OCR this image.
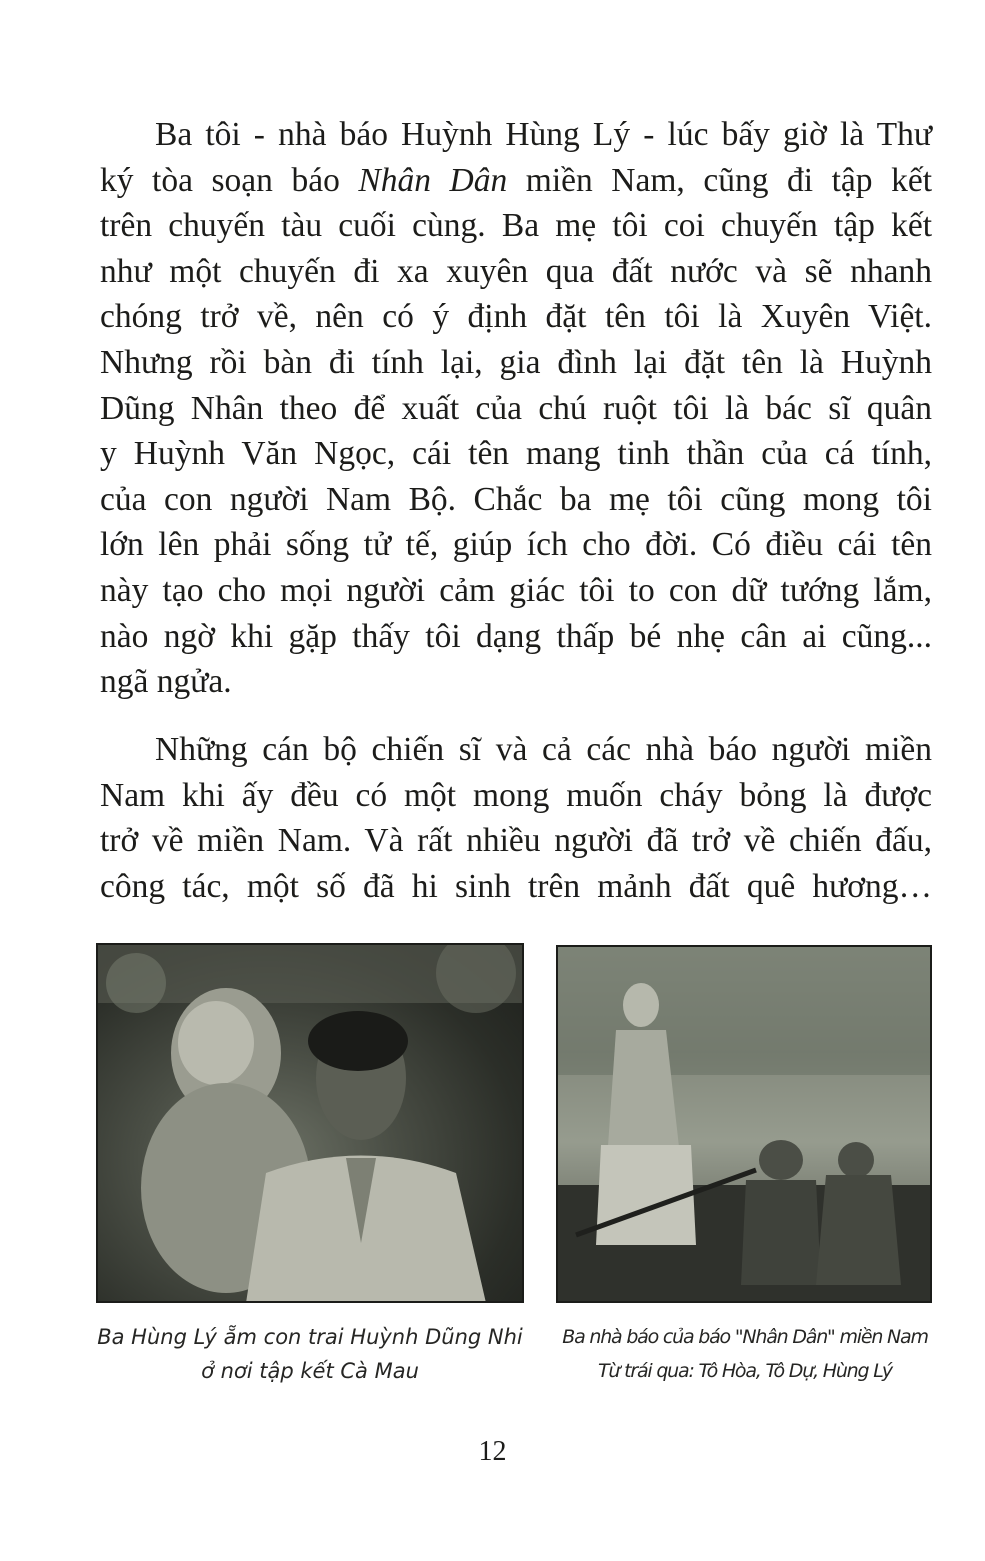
Ba tôi - nhà báo Huỳnh Hùng Lý - lúc bấy giờ là Thư
ký tòa soạn báo Nhân Dân miền Nam, cũng đi tập kết
trên chuyến tàu cuối cùng. Ba mẹ tôi coi chuyến tập kết
như một chuyến đi xa xuyên qua đất nước và sẽ nhanh
chóng trở về, nên có ý định đặt tên tôi là Xuyên Việt.
Nhưng rồi bàn đi tính lại, gia đình lại đặt tên là Huỳnh
Dũng Nhân theo để xuất của chú ruột tôi là bác sĩ quân
y Huỳnh Văn Ngọc, cái tên mang tinh thần của cá tính,
của con người Nam Bộ. Chắc ba mẹ tôi cũng mong tôi
lớn lên phải sống tử tế, giúp ích cho đời. Có điều cái tên
này tạo cho mọi người cảm giác tôi to con dữ tướng lắm,
nào ngờ khi gặp thấy tôi dạng thấp bé nhẹ cân ai cũng...
ngã ngửa.
Những cán bộ chiến sĩ và cả các nhà báo người miền
Nam khi ấy đều có một mong muốn cháy bỏng là được
trở về miền Nam. Và rất nhiều người đã trở về chiến đấu,
công tác, một số đã hi sinh trên mảnh đất quê hương…
Ba Hùng Lý ẵm con trai Huỳnh Dũng Nhi
ở nơi tập kết Cà Mau
Ba nhà báo của báo "Nhân Dân" miền Nam
Từ trái qua: Tô Hòa, Tô Dự, Hùng Lý
12
